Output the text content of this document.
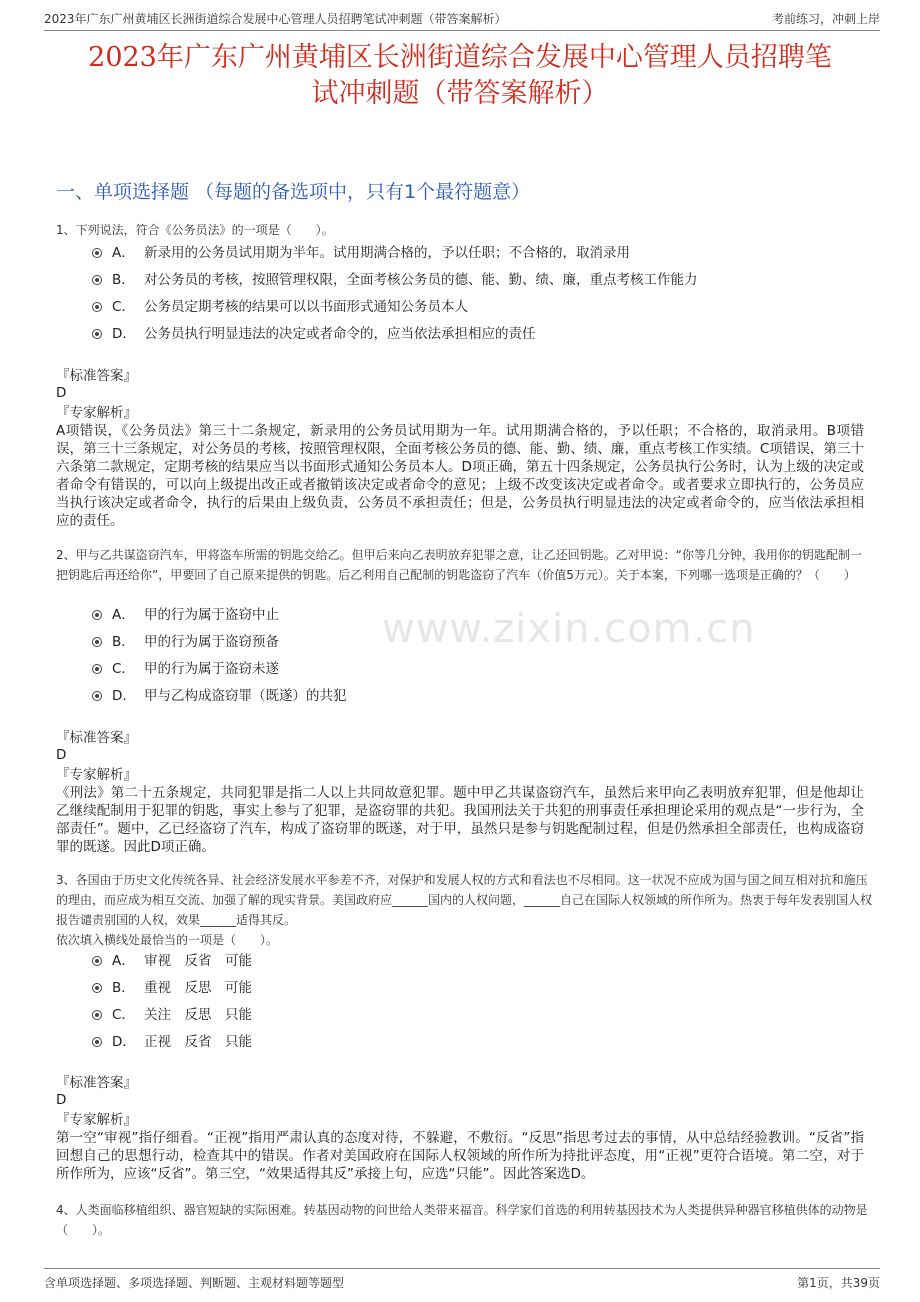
2023年广东广州黄埔区长洲街道综合发展中心管理人员招聘笔试冲刺题（带答案解析）	考前练习，冲刺上岸
2023年广东广州黄埔区长洲街道综合发展中心管理人员招聘笔
试冲刺题（带答案解析）
一、单项选择题 （每题的备选项中，只有1个最符题意）
1、下列说法，符合《公务员法》的一项是（　　）。
A． 新录用的公务员试用期为半年。试用期满合格的，予以任职；不合格的，取消录用
B． 对公务员的考核，按照管理权限，全面考核公务员的德、能、勤、绩、廉，重点考核工作能力
C． 公务员定期考核的结果可以以书面形式通知公务员本人
D． 公务员执行明显违法的决定或者命令的，应当依法承担相应的责任
『标准答案』
D
『专家解析』
A项错误，《公务员法》第三十二条规定，新录用的公务员试用期为一年。试用期满合格的，予以任职；不合格的，取消录用。B项错误，第三十三条规定，对公务员的考核，按照管理权限，全面考核公务员的德、能、勤、绩、廉，重点考核工作实绩。C项错误，第三十六条第二款规定，定期考核的结果应当以书面形式通知公务员本人。D项正确，第五十四条规定，公务员执行公务时，认为上级的决定或者命令有错误的，可以向上级提出改正或者撤销该决定或者命令的意见；上级不改变该决定或者命令。或者要求立即执行的，公务员应当执行该决定或者命令，执行的后果由上级负责，公务员不承担责任；但是，公务员执行明显违法的决定或者命令的，应当依法承担相应的责任。
2、甲与乙共谋盗窃汽车，甲将盗车所需的钥匙交给乙。但甲后来向乙表明放弃犯罪之意，让乙还回钥匙。乙对甲说：“你等几分钟，我用你的钥匙配制一把钥匙后再还给你”，甲要回了自己原来提供的钥匙。后乙利用自己配制的钥匙盗窃了汽车（价值5万元）。关于本案，下列哪一选项是正确的？（　　）
A． 甲的行为属于盗窃中止
B． 甲的行为属于盗窃预备
C． 甲的行为属于盗窃未遂
D． 甲与乙构成盗窃罪（既遂）的共犯
『标准答案』
D
『专家解析』
《刑法》第二十五条规定，共同犯罪是指二人以上共同故意犯罪。题中甲乙共谋盗窃汽车，虽然后来甲向乙表明放弃犯罪，但是他却让乙继续配制用于犯罪的钥匙，事实上参与了犯罪，是盗窃罪的共犯。我国刑法关于共犯的刑事责任承担理论采用的观点是“一步行为，全部责任”。题中，乙已经盗窃了汽车，构成了盗窃罪的既遂，对于甲，虽然只是参与钥匙配制过程，但是仍然承担全部责任，也构成盗窃罪的既遂。因此D项正确。
www.zixin.com.cn
3、各国由于历史文化传统各异、社会经济发展水平参差不齐，对保护和发展人权的方式和看法也不尽相同。这一状况不应成为国与国之间互相对抗和施压的理由，而应成为相互交流、加强了解的现实背景。美国政府应______国内的人权问题，______自己在国际人权领域的所作所为。热衷于每年发表别国人权报告谴责别国的人权，效果______适得其反。
依次填入横线处最恰当的一项是（　　）。
A． 审视　反省　可能
B． 重视　反思　可能
C． 关注　反思　只能
D． 正视　反省　只能
『标准答案』
D
『专家解析』
第一空“审视”指仔细看。“正视”指用严肃认真的态度对待，不躲避，不敷衍。“反思”指思考过去的事情，从中总结经验教训。“反省”指回想自己的思想行动，检查其中的错误。作者对美国政府在国际人权领域的所作所为持批评态度，用“正视”更符合语境。第二空，对于所作所为，应该“反省”。第三空，“效果适得其反”承接上句，应选“只能”。因此答案选D。
4、人类面临移植组织、器官短缺的实际困难。转基因动物的问世给人类带来福音。科学家们首选的利用转基因技术为人类提供异种器官移植供体的动物是（　　）。
含单项选择题、多项选择题、判断题、主观材料题等题型	第1页，共39页
